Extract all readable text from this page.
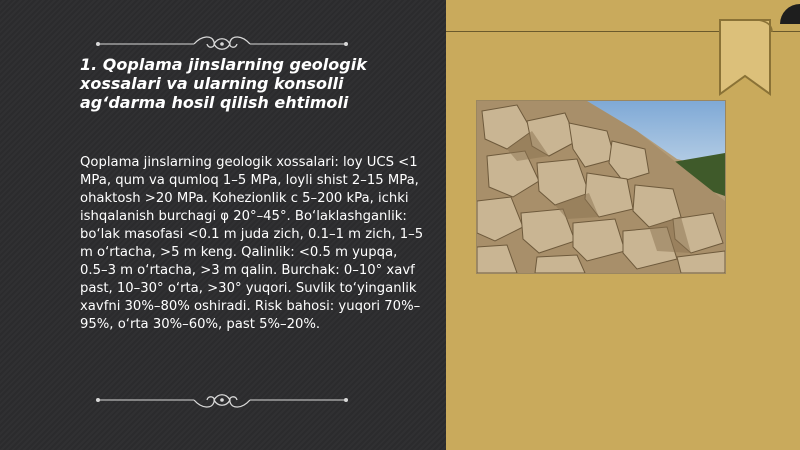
1. Qoplama jinslarning geologik xossalari va ularning konsolli ag‘darma hosil qilish ehtimoli
Qoplama jinslarning geologik xossalari: loy UCS <1 MPa, qum va qumloq 1–5 MPa, loyli shist 2–15 MPa, ohaktosh >20 MPa. Kohezionlik c 5–200 kPa, ichki ishqalanish burchagi φ 20°–45°. Bo‘laklashganlik: bo‘lak masofasi <0.1 m juda zich, 0.1–1 m zich, 1–5 m o‘rtacha, >5 m keng. Qalinlik: <0.5 m yupqa, 0.5–3 m o‘rtacha, >3 m qalin. Burchak: 0–10° xavf past, 10–30° o‘rta, >30° yuqori. Suvlik to‘yinganlik xavfni 30%–80% oshiradi. Risk bahosi: yuqori 70%–95%, o‘rta 30%–60%, past 5%–20%.
